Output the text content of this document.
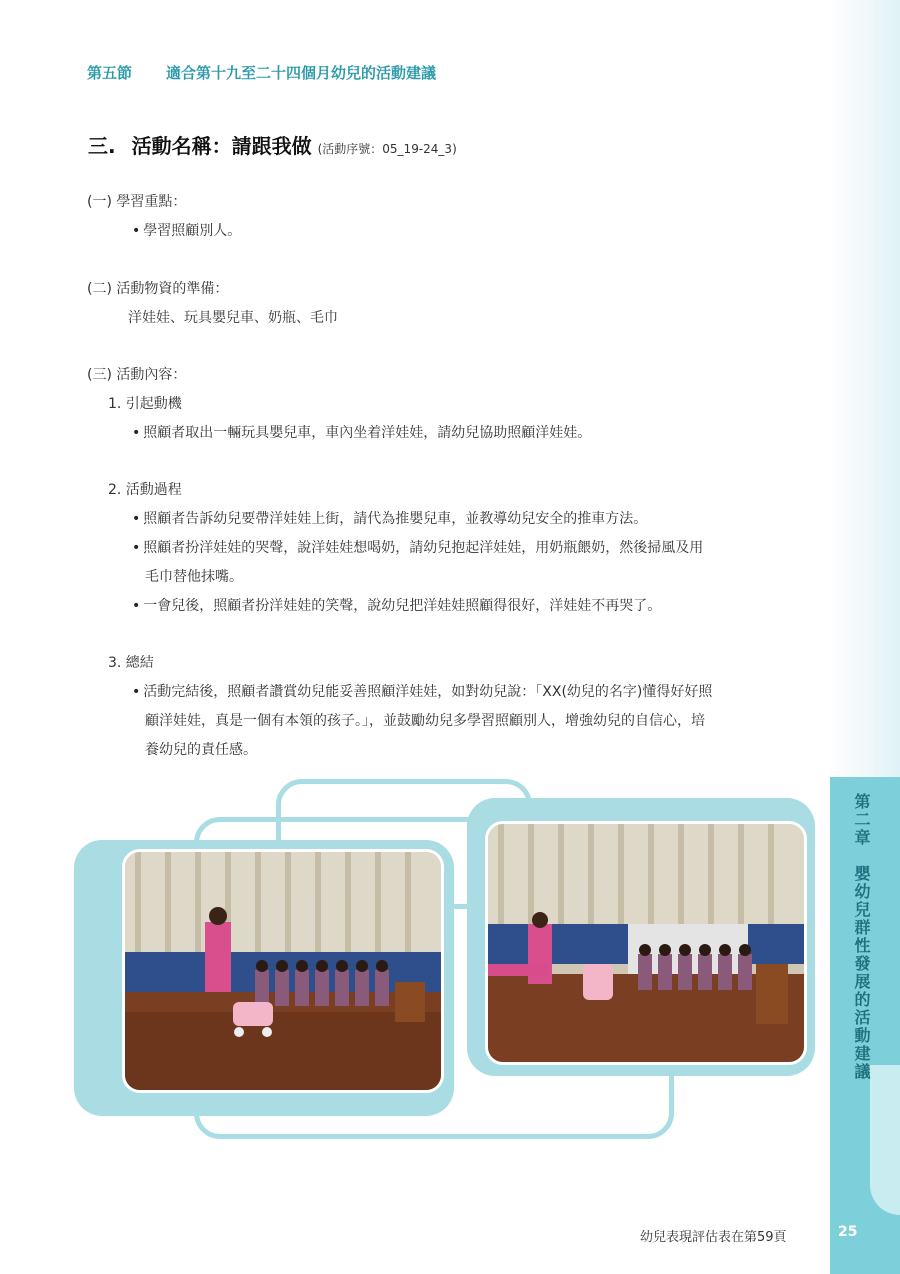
第五節 適合第十九至二十四個月幼兒的活動建議
三. 活動名稱：請跟我做 (活動序號：05_19-24_3)
(一) 學習重點：
• 學習照顧別人。
(二) 活動物資的準備：
洋娃娃、玩具嬰兒車、奶瓶、毛巾
(三) 活動內容：
1. 引起動機
• 照顧者取出一輛玩具嬰兒車，車內坐着洋娃娃，請幼兒協助照顧洋娃娃。
2. 活動過程
• 照顧者告訴幼兒要帶洋娃娃上街，請代為推嬰兒車，並教導幼兒安全的推車方法。
• 照顧者扮洋娃娃的哭聲，說洋娃娃想喝奶，請幼兒抱起洋娃娃，用奶瓶餵奶，然後掃風及用
毛巾替他抹嘴。
• 一會兒後，照顧者扮洋娃娃的笑聲，說幼兒把洋娃娃照顧得很好，洋娃娃不再哭了。
3. 總結
• 活動完結後，照顧者讚賞幼兒能妥善照顧洋娃娃，如對幼兒說：「XX(幼兒的名字)懂得好好照
顧洋娃娃，真是一個有本領的孩子。」，並鼓勵幼兒多學習照顧別人，增強幼兒的自信心，培
養幼兒的責任感。
第二章　嬰幼兒群性發展的活動建議
幼兒表現評估表在第59頁	25
